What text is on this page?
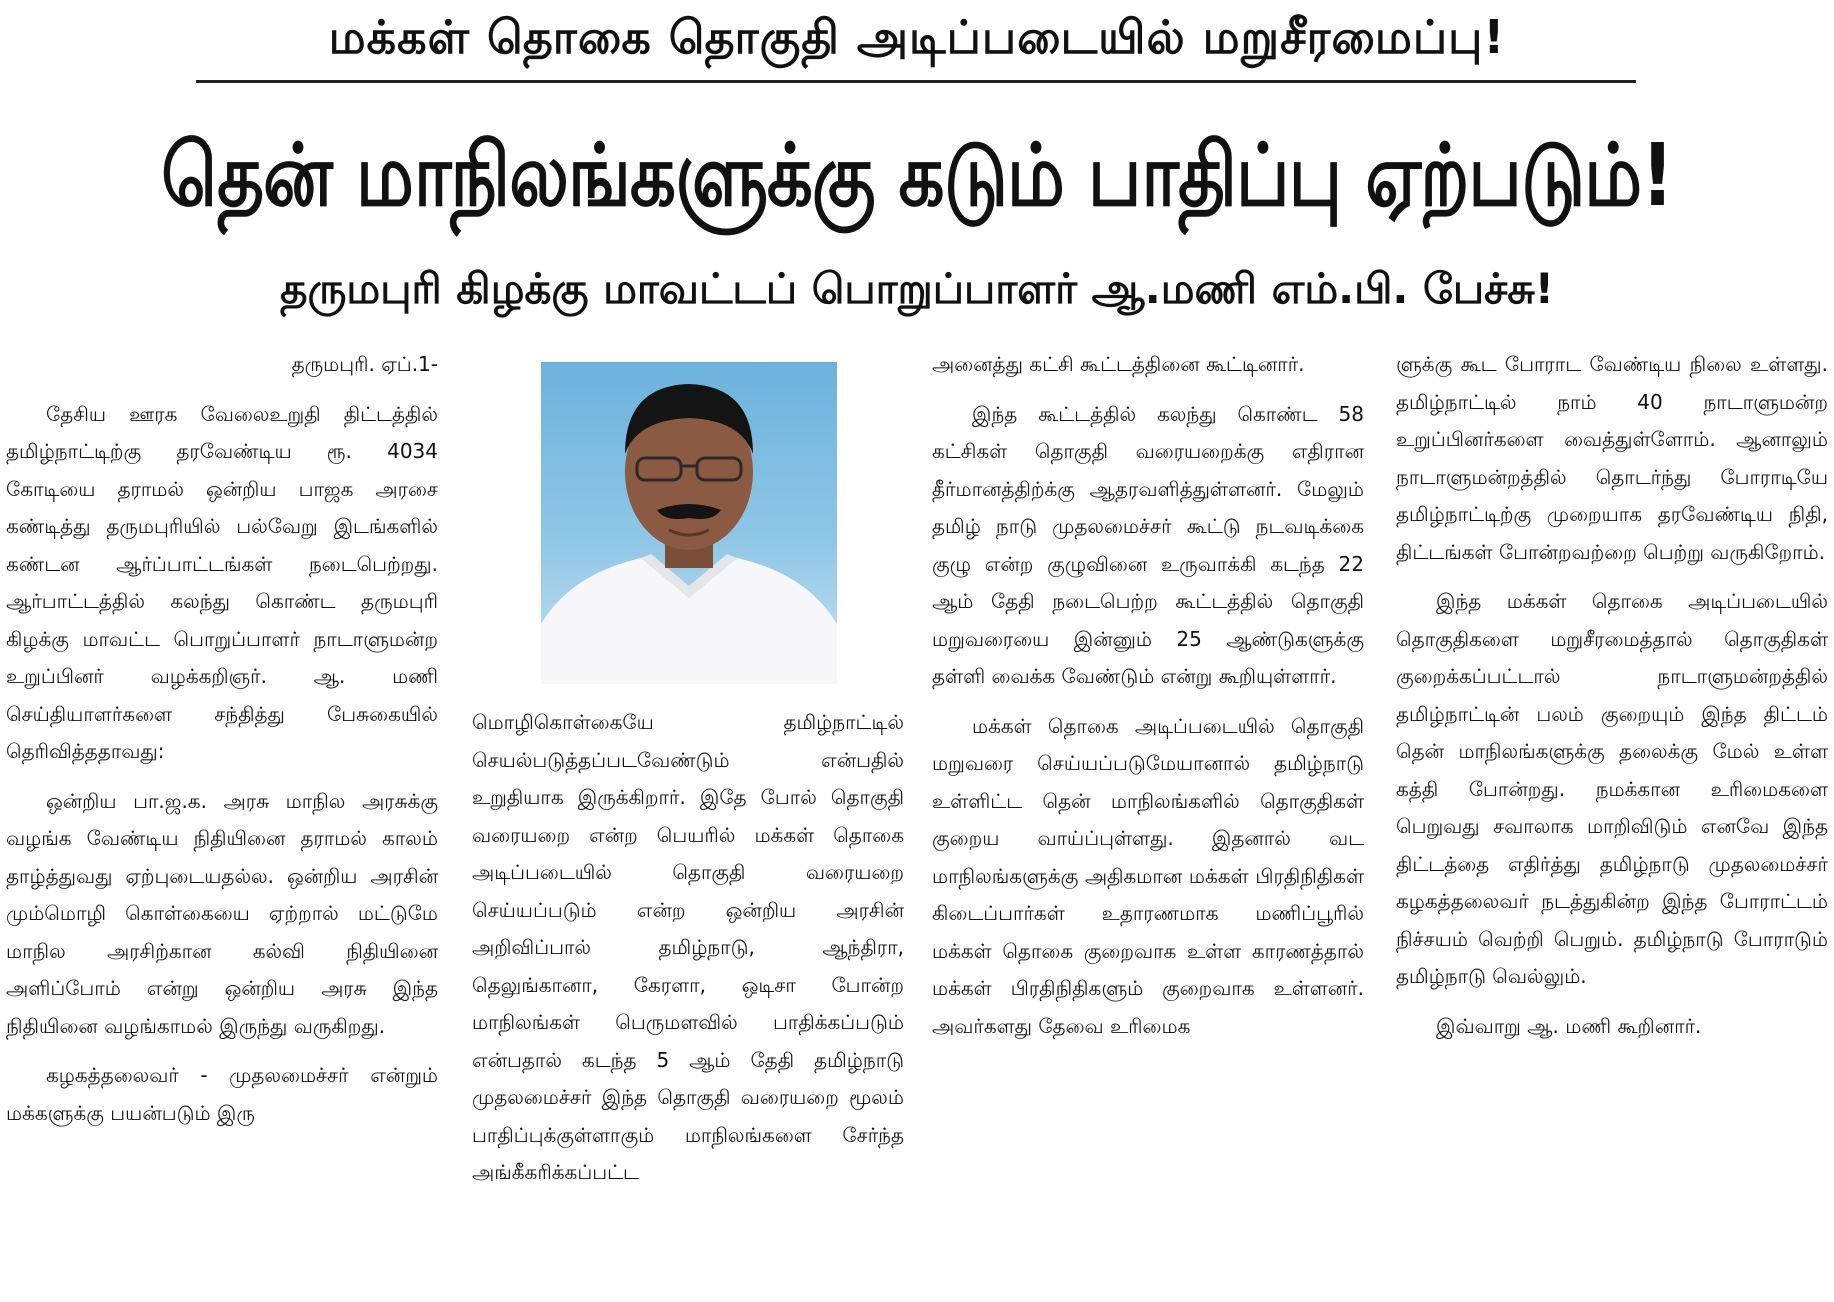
மக்கள் தொகை தொகுதி அடிப்படையில் மறுசீரமைப்பு!
தென் மாநிலங்களுக்கு கடும் பாதிப்பு ஏற்படும்!
தருமபுரி கிழக்கு மாவட்டப் பொறுப்பாளர் ஆ.மணி எம்.பி. பேச்சு!

தருமபுரி. ஏப்.1-

தேசிய ஊரக வேலைஉறுதி திட்டத்தில் தமிழ்நாட்டிற்கு தரவேண்டிய ரூ. 4034 கோடியை தராமல் ஒன்றிய பாஜக அரசை கண்டித்து தருமபுரியில் பல்வேறு இடங்களில் கண்டன ஆர்ப்பாட்டங்கள் நடைபெற்றது. ஆர்பாட்டத்தில் கலந்து கொண்ட தருமபுரி கிழக்கு மாவட்ட பொறுப்பாளர் நாடாளுமன்ற உறுப்பினர் வழக்கறிஞர். ஆ. மணி செய்தியாளர்களை சந்தித்து பேசுகையில் தெரிவித்ததாவது:

ஒன்றிய பா.ஜ.க. அரசு மாநில அரசுக்கு வழங்க வேண்டிய நிதியினை தராமல் காலம் தாழ்த்துவது ஏற்புடையதல்ல. ஒன்றிய அரசின் மும்மொழி கொள்கையை ஏற்றால் மட்டுமே மாநில அரசிற்கான கல்வி நிதியினை அளிப்போம் என்று ஒன்றிய அரசு இந்த நிதியினை வழங்காமல் இருந்து வருகிறது.

கழகத்தலைவர் - முதலமைச்சர் என்றும் மக்களுக்கு பயன்படும் இரு

மொழிகொள்கையே தமிழ்நாட்டில் செயல்படுத்தப்படவேண்டும் என்பதில் உறுதியாக இருக்கிறார். இதே போல் தொகுதி வரையறை என்ற பெயரில் மக்கள் தொகை அடிப்படையில் தொகுதி வரையறை செய்யப்படும் என்ற ஒன்றிய அரசின் அறிவிப்பால் தமிழ்நாடு, ஆந்திரா, தெலுங்கானா, கேரளா, ஒடிசா போன்ற மாநிலங்கள் பெருமளவில் பாதிக்கப்படும் என்பதால் கடந்த 5 ஆம் தேதி தமிழ்நாடு முதலமைச்சர் இந்த தொகுதி வரையறை மூலம் பாதிப்புக்குள்ளாகும் மாநிலங்களை சேர்ந்த அங்கீகரிக்கப்பட்ட

அனைத்து கட்சி கூட்டத்தினை கூட்டினார்.

இந்த கூட்டத்தில் கலந்து கொண்ட 58 கட்சிகள் தொகுதி வரையறைக்கு எதிரான தீர்மானத்திற்க்கு ஆதரவளித்துள்ளனர். மேலும் தமிழ் நாடு முதலமைச்சர் கூட்டு நடவடிக்கை குழு என்ற குழுவினை உருவாக்கி கடந்த 22 ஆம் தேதி நடைபெற்ற கூட்டத்தில் தொகுதி மறுவரையை இன்னும் 25 ஆண்டுகளுக்கு தள்ளி வைக்க வேண்டும் என்று கூறியுள்ளார்.

மக்கள் தொகை அடிப்படையில் தொகுதி மறுவரை செய்யப்படுமேயானால் தமிழ்நாடு உள்ளிட்ட தென் மாநிலங்களில் தொகுதிகள் குறைய வாய்ப்புள்ளது. இதனால் வட மாநிலங்களுக்கு அதிகமான மக்கள் பிரதிநிதிகள் கிடைப்பார்கள் உதாரணமாக மணிப்பூரில் மக்கள் தொகை குறைவாக உள்ள காரணத்தால் மக்கள் பிரதிநிதிகளும் குறைவாக உள்ளனர். அவர்களது தேவை உரிமைக

ளுக்கு கூட போராட வேண்டிய நிலை உள்ளது. தமிழ்நாட்டில் நாம் 40 நாடாளுமன்ற உறுப்பினர்களை வைத்துள்ளோம். ஆனாலும் நாடாளுமன்றத்தில் தொடர்ந்து போராடியே தமிழ்நாட்டிற்கு முறையாக தரவேண்டிய நிதி, திட்டங்கள் போன்றவற்றை பெற்று வருகிறோம்.

இந்த மக்கள் தொகை அடிப்படையில் தொகுதிகளை மறுசீரமைத்தால் தொகுதிகள் குறைக்கப்பட்டால் நாடாளுமன்றத்தில் தமிழ்நாட்டின் பலம் குறையும் இந்த திட்டம் தென் மாநிலங்களுக்கு தலைக்கு மேல் உள்ள கத்தி போன்றது. நமக்கான உரிமைகளை பெறுவது சவாலாக மாறிவிடும் எனவே இந்த திட்டத்தை எதிர்த்து தமிழ்நாடு முதலமைச்சர் கழகத்தலைவர் நடத்துகின்ற இந்த போராட்டம் நிச்சயம் வெற்றி பெறும். தமிழ்நாடு போராடும் தமிழ்நாடு வெல்லும்.

இவ்வாறு ஆ. மணி கூறினார்.
